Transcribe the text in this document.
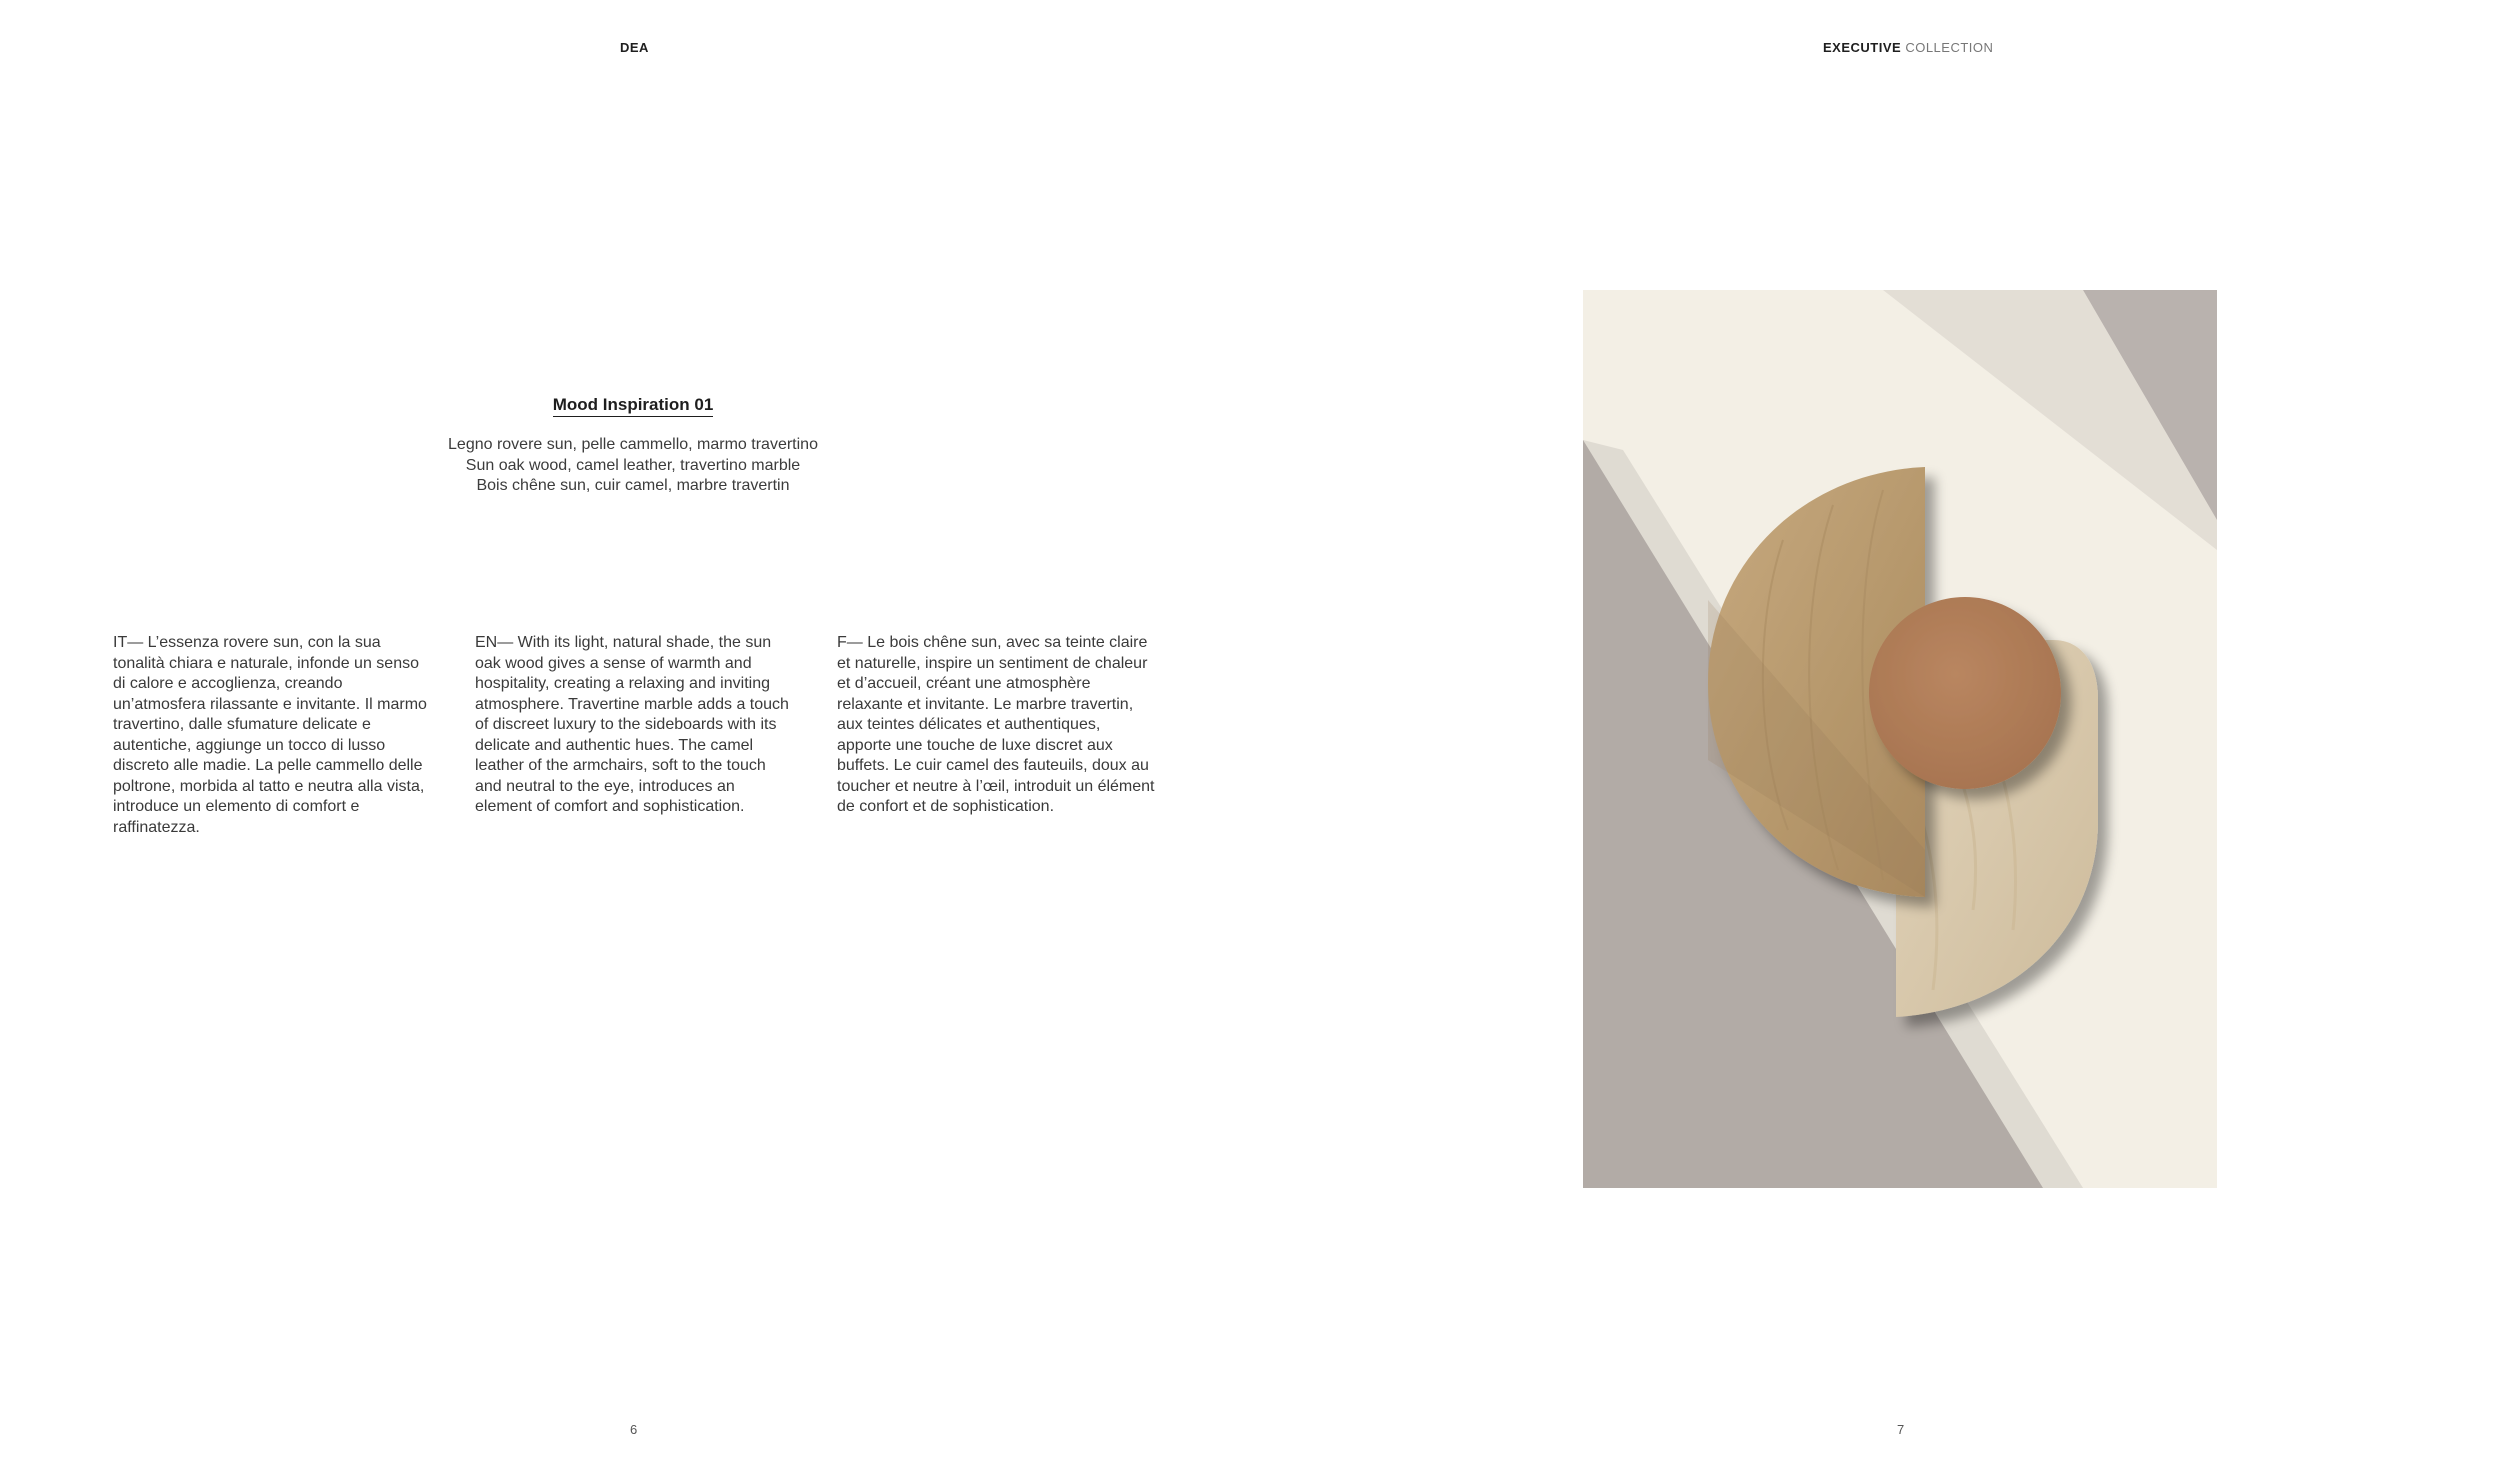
DEA
Mood Inspiration 01
Legno rovere sun, pelle cammello, marmo travertino
Sun oak wood, camel leather, travertino marble
Bois chêne sun, cuir camel, marbre travertin
IT— L’essenza rovere sun, con la sua tonalità chiara e naturale, infonde un senso di calore e accoglienza, creando un’atmosfera rilassante e invitante. Il marmo travertino, dalle sfumature delicate e autentiche, aggiunge un tocco di lusso discreto alle madie. La pelle cammello delle poltrone, morbida al tatto e neutra alla vista, introduce un elemento di comfort e raffinatezza.
EN— With its light, natural shade, the sun oak wood gives a sense of warmth and hospitality, creating a relaxing and inviting atmosphere. Travertine marble adds a touch of discreet luxury to the sideboards with its delicate and authentic hues. The camel leather of the armchairs, soft to the touch and neutral to the eye, introduces an element of comfort and sophistication.
F— Le bois chêne sun, avec sa teinte claire et naturelle, inspire un sentiment de chaleur et d’accueil, créant une atmosphère relaxante et invitante. Le marbre travertin, aux teintes délicates et authentiques, apporte une touche de luxe discret aux buffets. Le cuir camel des fauteuils, doux au toucher et neutre à l’œil, introduit un élément de confort et de sophistication.
6
EXECUTIVE COLLECTION
7
